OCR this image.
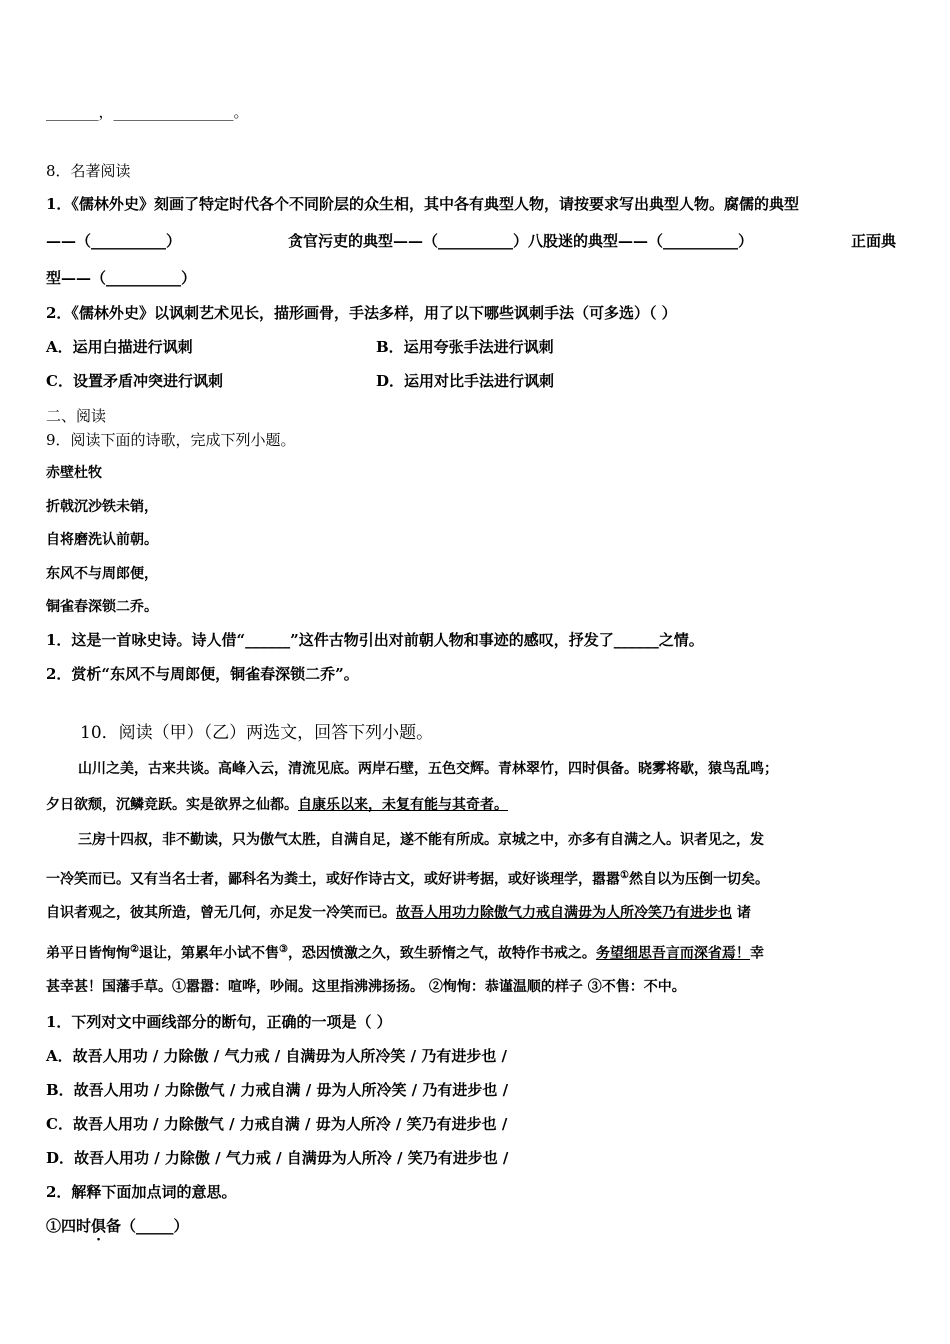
_______，________________。
8．名著阅读
1．《儒林外史》刻画了特定时代各个不同阶层的众生相，其中各有典型人物，请按要求写出典型人物。腐儒的典型
——（__________）	贪官污吏的典型——（__________）八股迷的典型——（__________）	正面典
型——（__________）
2．《儒林外史》以讽刺艺术见长，描形画骨，手法多样，用了以下哪些讽刺手法（可多选）（ ）
A．运用白描进行讽刺	B．运用夸张手法进行讽刺
C．设置矛盾冲突进行讽刺	D．运用对比手法进行讽刺
二、阅读
9．阅读下面的诗歌，完成下列小题。
赤壁杜牧
折戟沉沙铁未销，
自将磨洗认前朝。
东风不与周郎便，
铜雀春深锁二乔。
1．这是一首咏史诗。诗人借“______”这件古物引出对前朝人物和事迹的感叹，抒发了______之情。
2．赏析“东风不与周郎便，铜雀春深锁二乔”。
10．阅读（甲）（乙）两选文，回答下列小题。
山川之美，古来共谈。高峰入云，清流见底。两岸石壁，五色交辉。青林翠竹，四时俱备。晓雾将歇，猿鸟乱鸣；
夕日欲颓，沉鳞竞跃。实是欲界之仙都。自康乐以来，未复有能与其奇者。
三房十四叔，非不勤读，只为傲气太胜，自满自足，遂不能有所成。京城之中，亦多有自满之人。识者见之，发
一冷笑而已。又有当名士者，鄙科名为粪土，或好作诗古文，或好讲考据，或好谈理学，嚣嚣①然自以为压倒一切矣。
自识者观之，彼其所造，曾无几何，亦足发一冷笑而已。故吾人用功力除傲气力戒自满毋为人所冷笑乃有进步也 诸
弟平日皆恂恂②退让，第累年小试不售③，恐因愤激之久，致生骄惰之气，故特作书戒之。务望细思吾言而深省焉！幸
甚幸甚！国藩手草。①嚣嚣：喧哗，吵闹。这里指沸沸扬扬。 ②恂恂：恭谨温顺的样子 ③不售：不中。
1．下列对文中画线部分的断句，正确的一项是（ ）
A．故吾人用功 / 力除傲 / 气力戒 / 自满毋为人所冷笑 / 乃有进步也 /
B．故吾人用功 / 力除傲气 / 力戒自满 / 毋为人所冷笑 / 乃有进步也 /
C．故吾人用功 / 力除傲气 / 力戒自满 / 毋为人所冷 / 笑乃有进步也 /
D．故吾人用功 / 力除傲 / 气力戒 / 自满毋为人所冷 / 笑乃有进步也 /
2．解释下面加点词的意思。
①四时俱备（_____）
